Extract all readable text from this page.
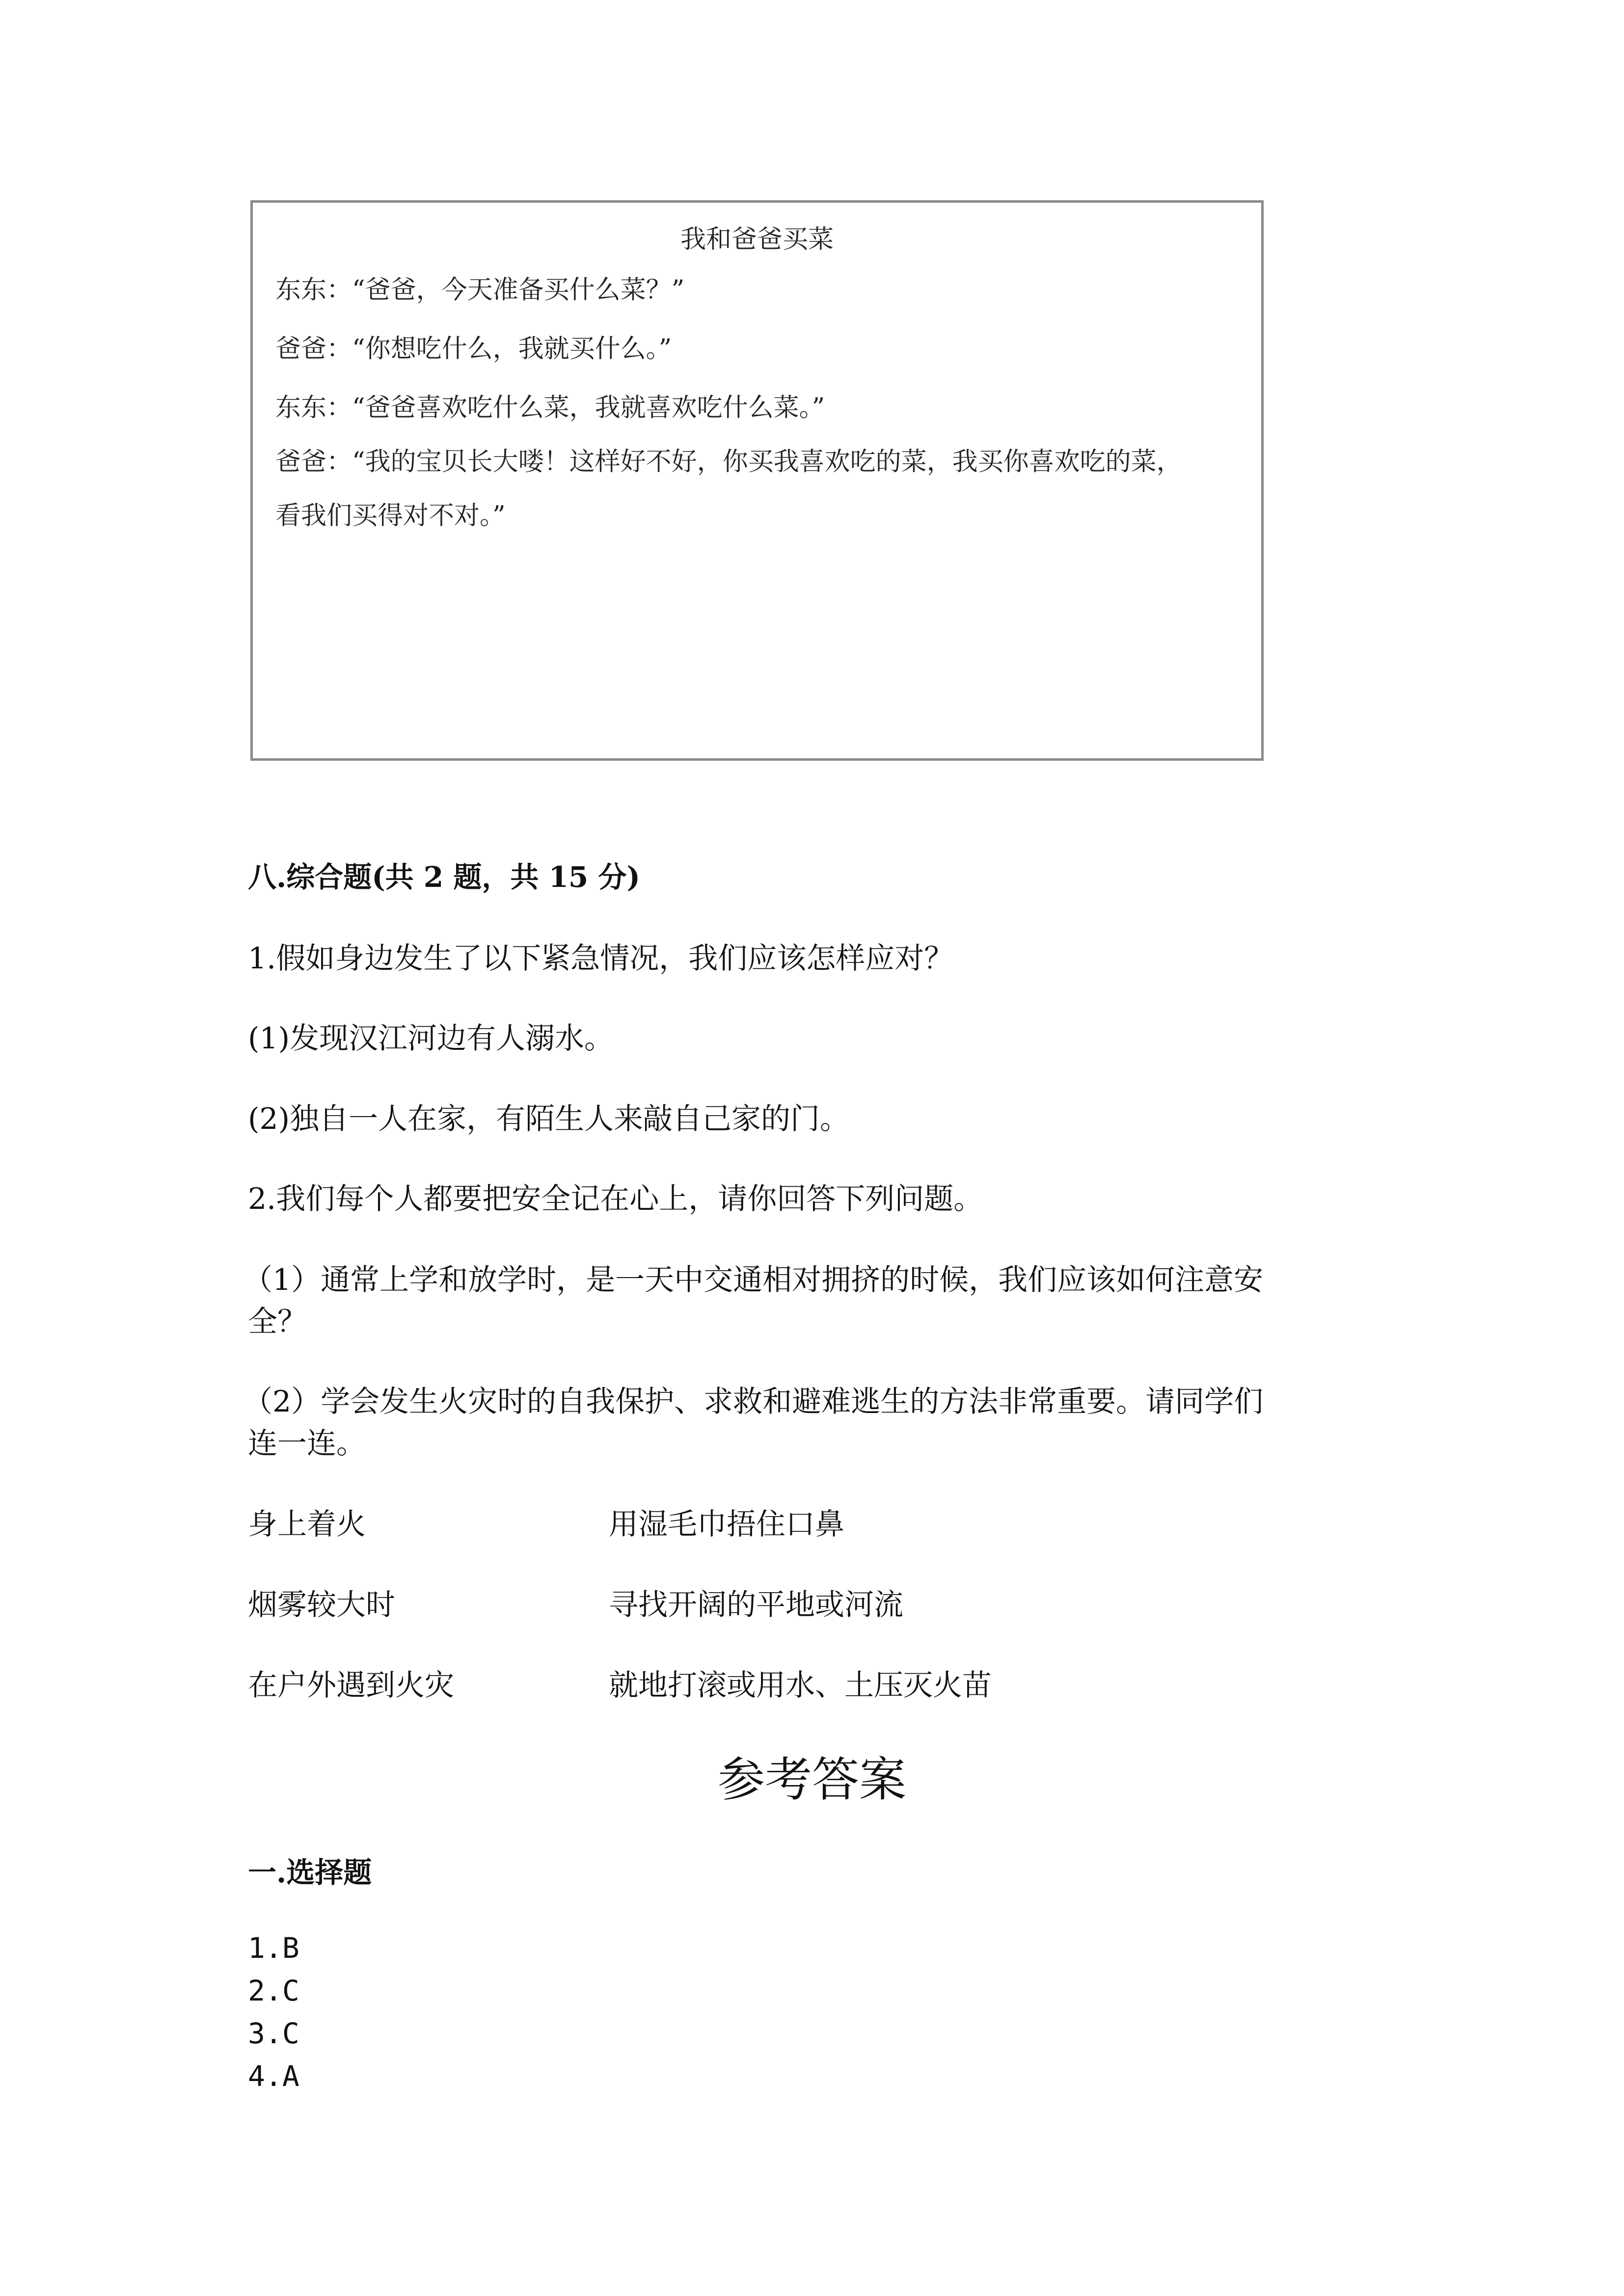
我和爸爸买菜
东东：“爸爸，今天准备买什么菜？”
爸爸：“你想吃什么，我就买什么。”
东东：“爸爸喜欢吃什么菜，我就喜欢吃什么菜。”
爸爸：“我的宝贝长大喽！这样好不好，你买我喜欢吃的菜，我买你喜欢吃的菜，
看我们买得对不对。”
八.综合题(共 2 题，共 15 分)
1.假如身边发生了以下紧急情况，我们应该怎样应对？
(1)发现汉江河边有人溺水。
(2)独自一人在家，有陌生人来敲自己家的门。
2.我们每个人都要把安全记在心上，请你回答下列问题。
（1）通常上学和放学时，是一天中交通相对拥挤的时候，我们应该如何注意安
全？
（2）学会发生火灾时的自我保护、求救和避难逃生的方法非常重要。请同学们
连一连。
身上着火	用湿毛巾捂住口鼻
烟雾较大时	寻找开阔的平地或河流
在户外遇到火灾	就地打滚或用水、土压灭火苗
参考答案
一.选择题
1.B
2.C
3.C
4.A
